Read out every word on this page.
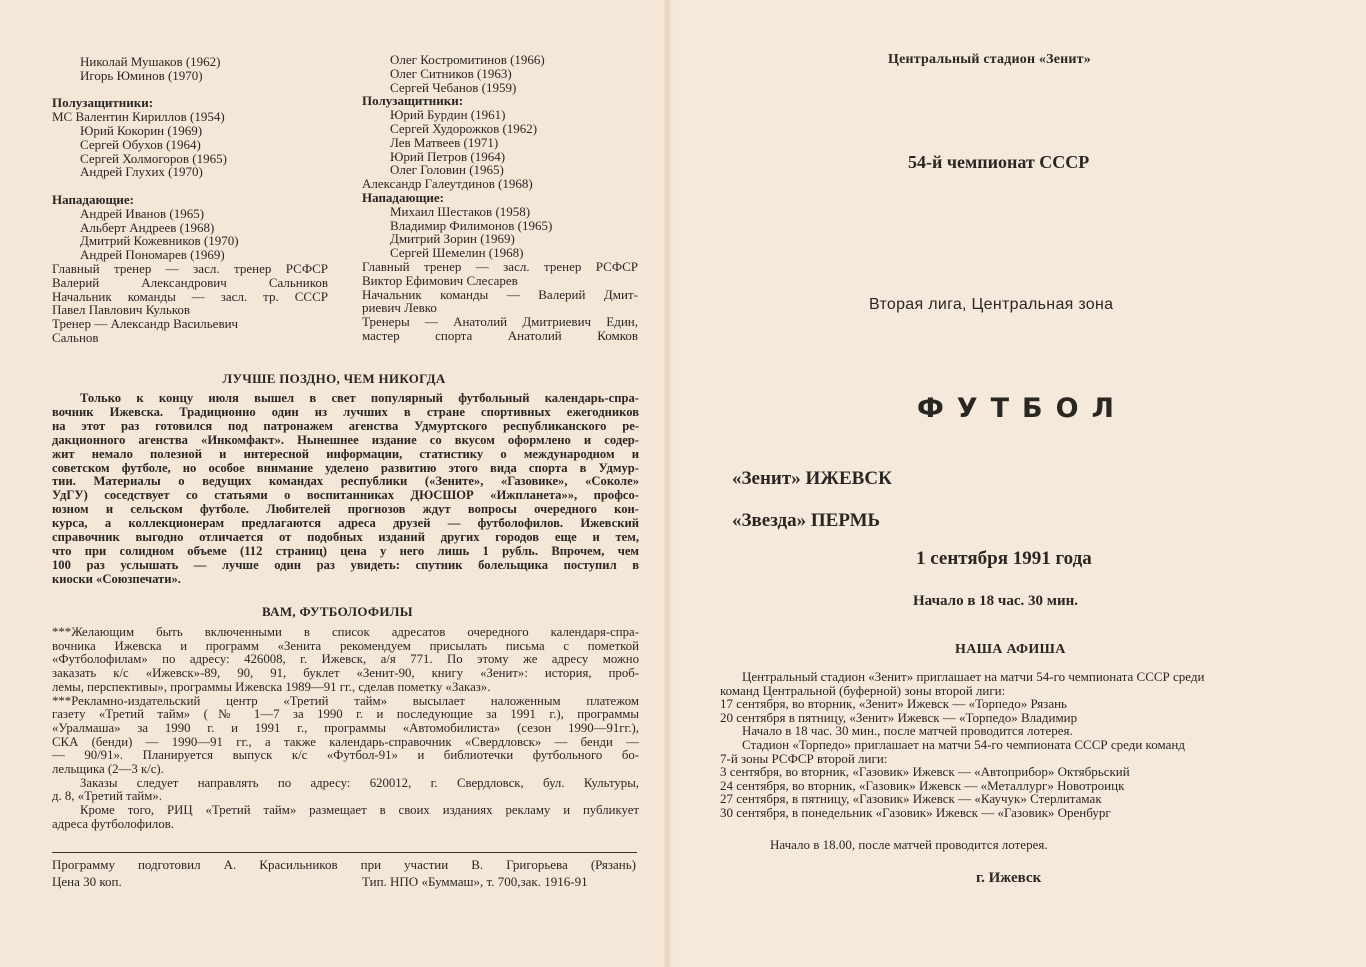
Николай Мушаков (1962)
Игорь Юминов (1970)
Полузащитники:
МС Валентин Кириллов (1954)
Юрий Кокорин (1969)
Сергей Обухов (1964)
Сергей Холмогоров (1965)
Андрей Глухих (1970)
Нападающие:
Андрей Иванов (1965)
Альберт Андреев (1968)
Дмитрий Кожевников (1970)
Андрей Пономарев (1969)
Главный тренер — засл. тренер РСФСР
Валерий Александрович Сальников
Начальник команды — засл. тр. СССР
Павел Павлович Кульков
Тренер — Александр Васильевич
Сальнов
Олег Костромитинов (1966)
Олег Ситников (1963)
Сергей Чебанов (1959)
Полузащитники:
Юрий Бурдин (1961)
Сергей Худорожков (1962)
Лев Матвеев (1971)
Юрий Петров (1964)
Олег Головин (1965)
Александр Галеутдинов (1968)
Нападающие:
Михаил Шестаков (1958)
Владимир Филимонов (1965)
Дмитрий Зорин (1969)
Сергей Шемелин (1968)
Главный тренер — засл. тренер РСФСР
Виктор Ефимович Слесарев
Начальник команды — Валерий Дмит-
риевич Левко
Тренеры — Анатолий Дмитриевич Един,
мастер спорта Анатолий Комков
ЛУЧШЕ ПОЗДНО, ЧЕМ НИКОГДА
Только к концу июля вышел в свет популярный футбольный календарь-спра-
вочник Ижевска. Традиционно один из лучших в стране спортивных ежегодников
на этот раз готовился под патронажем агенства Удмуртского республиканского ре-
дакционного агенства «Инкомфакт». Нынешнее издание со вкусом оформлено и содер-
жит немало полезной и интересной информации, статистику о международном и
советском футболе, но особое внимание уделено развитию этого вида спорта в Удмур-
тии. Материалы о ведущих командах республики («Зените», «Газовике», «Соколе»
УдГУ) соседствует со статьями о воспитанниках ДЮСШОР «Ижпланета»», профсо-
юзном и сельском футболе. Любителей прогнозов ждут вопросы очередного кон-
курса, а коллекционерам предлагаются адреса друзей — футболофилов. Ижевский
справочник выгодно отличается от подобных изданий других городов еще и тем,
что при солидном объеме (112 страниц) цена у него лишь 1 рубль. Впрочем, чем
100 раз услышать — лучше один раз увидеть: спутник болельщика поступил в
киоски «Союзпечати».
ВАМ, ФУТБОЛОФИЛЫ
***Желающим быть включенными в список адресатов очередного календаря-спра-
вочника Ижевска и программ «Зенита рекомендуем присылать письма с пометкой
«Футболофилам» по адресу: 426008, г. Ижевск, а/я 771. По этому же адресу можно
заказать к/с «Ижевск»-89, 90, 91, буклет «Зенит-90, книгу «Зенит»: история, проб-
лемы, перспективы», программы Ижевска 1989—91 гг., сделав пометку «Заказ».
***Рекламно-издательский центр «Третий тайм» высылает наложенным платежом
газету «Третий тайм» (№ 1—7 за 1990 г. и последующие за 1991 г.), программы
«Уралмаша» за 1990 г. и 1991 г., программы «Автомобилиста» (сезон 1990—91гг.),
СКА (бенди) — 1990—91 гг., а также календарь-справочник «Свердловск» — бенди —
— 90/91». Планируется выпуск к/с «Футбол-91» и библиотечки футбольного бо-
лельщика (2—3 к/с).
Заказы следует направлять по адресу: 620012, г. Свердловск, бул. Культуры,
д. 8, «Третий тайм».
Кроме того, РИЦ «Третий тайм» размещает в своих изданиях рекламу и публикует
адреса футболофилов.
Программу подготовил А. Красильников при участии В. Григорьева (Рязань)
Цена 30 коп.	Тип. НПО «Буммаш», т. 700,зак. 1916-91
Центральный стадион «Зенит»
54-й чемпионат СССР
Вторая лига, Центральная зона
ФУТБОЛ
«Зенит» ИЖЕВСК
«Звезда» ПЕРМЬ
1 сентября 1991 года
Начало в 18 час. 30 мин.
НАША АФИША
Центральный стадион «Зенит» приглашает на матчи 54-го чемпионата СССР среди
команд Центральной (буферной) зоны второй лиги:
17 сентября, во вторник, «Зенит» Ижевск — «Торпедо» Рязань
20 сентября в пятницу, «Зенит» Ижевск — «Торпедо» Владимир
Начало в 18 час. 30 мин., после матчей проводится лотерея.
Стадион «Торпедо» приглашает на матчи 54-го чемпионата СССР среди команд
7-й зоны РСФСР второй лиги:
3 сентября, во вторник, «Газовик» Ижевск — «Автоприбор» Октябрьский
24 сентября, во вторник, «Газовик» Ижевск — «Металлург» Новотроицк
27 сентября, в пятницу, «Газовик» Ижевск — «Каучук» Стерлитамак
30 сентября, в понедельник «Газовик» Ижевск — «Газовик» Оренбург
Начало в 18.00, после матчей проводится лотерея.
г. Ижевск
